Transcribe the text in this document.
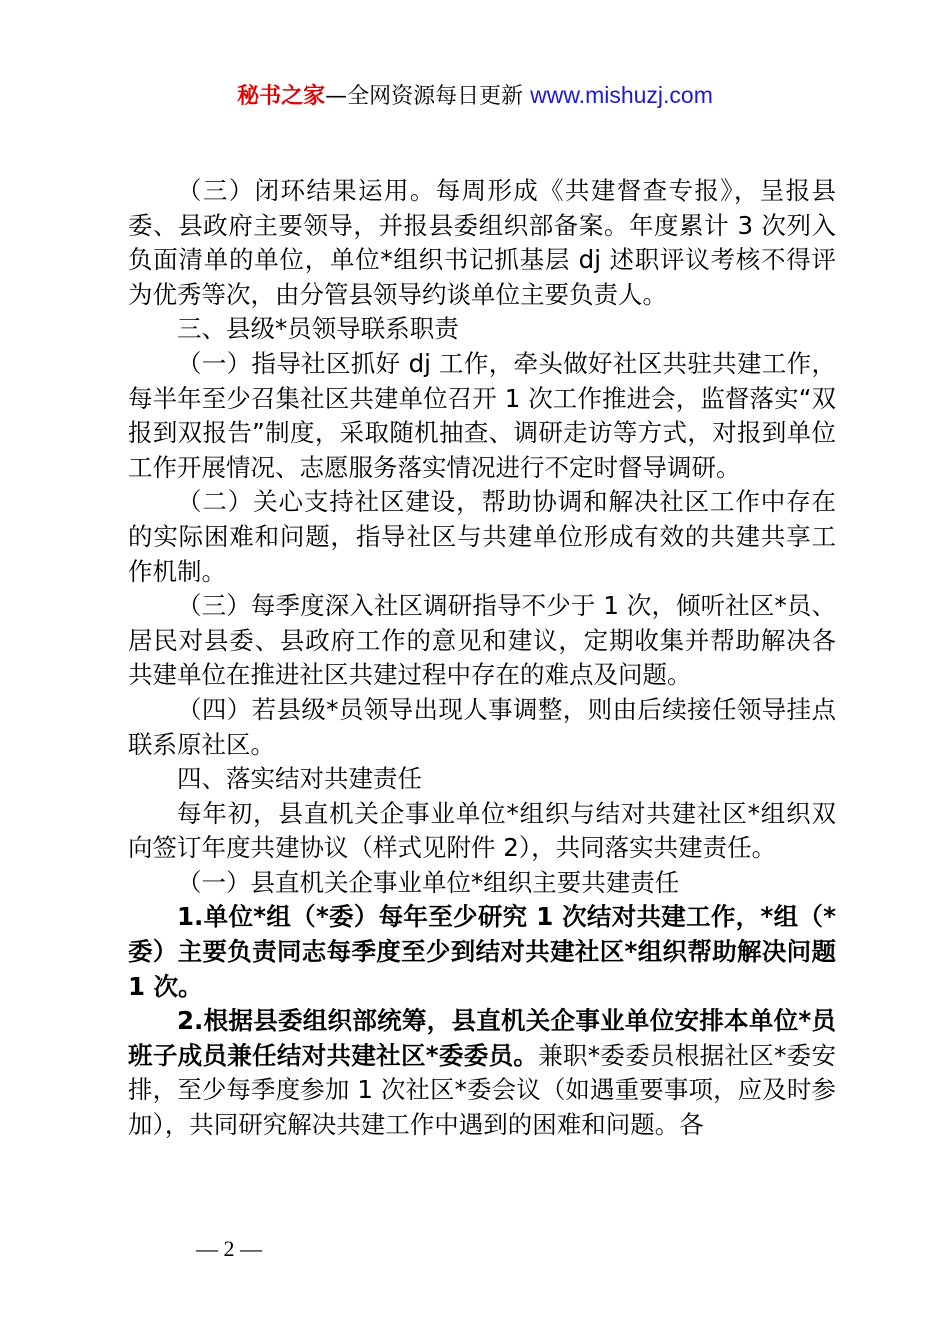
秘书之家—全网资源每日更新 www.mishuzj.com

（三）闭环结果运用。每周形成《共建督查专报》，呈报县委、县政府主要领导，并报县委组织部备案。年度累计 3 次列入负面清单的单位，单位*组织书记抓基层 dj 述职评议考核不得评为优秀等次，由分管县领导约谈单位主要负责人。

三、县级*员领导联系职责

（一）指导社区抓好 dj 工作，牵头做好社区共驻共建工作，每半年至少召集社区共建单位召开 1 次工作推进会，监督落实“双报到双报告”制度，采取随机抽查、调研走访等方式，对报到单位工作开展情况、志愿服务落实情况进行不定时督导调研。

（二）关心支持社区建设，帮助协调和解决社区工作中存在的实际困难和问题，指导社区与共建单位形成有效的共建共享工作机制。

（三）每季度深入社区调研指导不少于 1 次，倾听社区*员、居民对县委、县政府工作的意见和建议，定期收集并帮助解决各共建单位在推进社区共建过程中存在的难点及问题。

（四）若县级*员领导出现人事调整，则由后续接任领导挂点联系原社区。

四、落实结对共建责任

每年初，县直机关企事业单位*组织与结对共建社区*组织双向签订年度共建协议（样式见附件 2），共同落实共建责任。

（一）县直机关企事业单位*组织主要共建责任

1.单位*组（*委）每年至少研究 1 次结对共建工作，*组（*委）主要负责同志每季度至少到结对共建社区*组织帮助解决问题 1 次。

2.根据县委组织部统筹，县直机关企事业单位安排本单位*员班子成员兼任结对共建社区*委委员。兼职*委委员根据社区*委安排，至少每季度参加 1 次社区*委会议（如遇重要事项，应及时参加），共同研究解决共建工作中遇到的困难和问题。各

— 2 —
